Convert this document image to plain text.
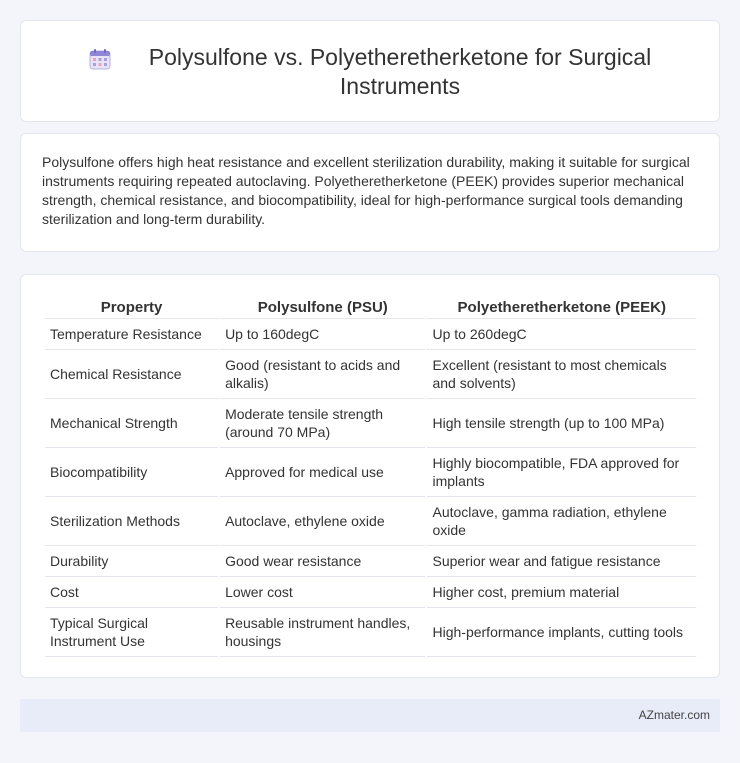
Polysulfone vs. Polyetheretherketone for Surgical Instruments

Polysulfone offers high heat resistance and excellent sterilization durability, making it suitable for surgical instruments requiring repeated autoclaving. Polyetheretherketone (PEEK) provides superior mechanical strength, chemical resistance, and biocompatibility, ideal for high-performance surgical tools demanding sterilization and long-term durability.

Property	Polysulfone (PSU)	Polyetheretherketone (PEEK)
Temperature Resistance	Up to 160degC	Up to 260degC
Chemical Resistance	Good (resistant to acids and alkalis)	Excellent (resistant to most chemicals and solvents)
Mechanical Strength	Moderate tensile strength (around 70 MPa)	High tensile strength (up to 100 MPa)
Biocompatibility	Approved for medical use	Highly biocompatible, FDA approved for implants
Sterilization Methods	Autoclave, ethylene oxide	Autoclave, gamma radiation, ethylene oxide
Durability	Good wear resistance	Superior wear and fatigue resistance
Cost	Lower cost	Higher cost, premium material
Typical Surgical Instrument Use	Reusable instrument handles, housings	High-performance implants, cutting tools
AZmater.com
